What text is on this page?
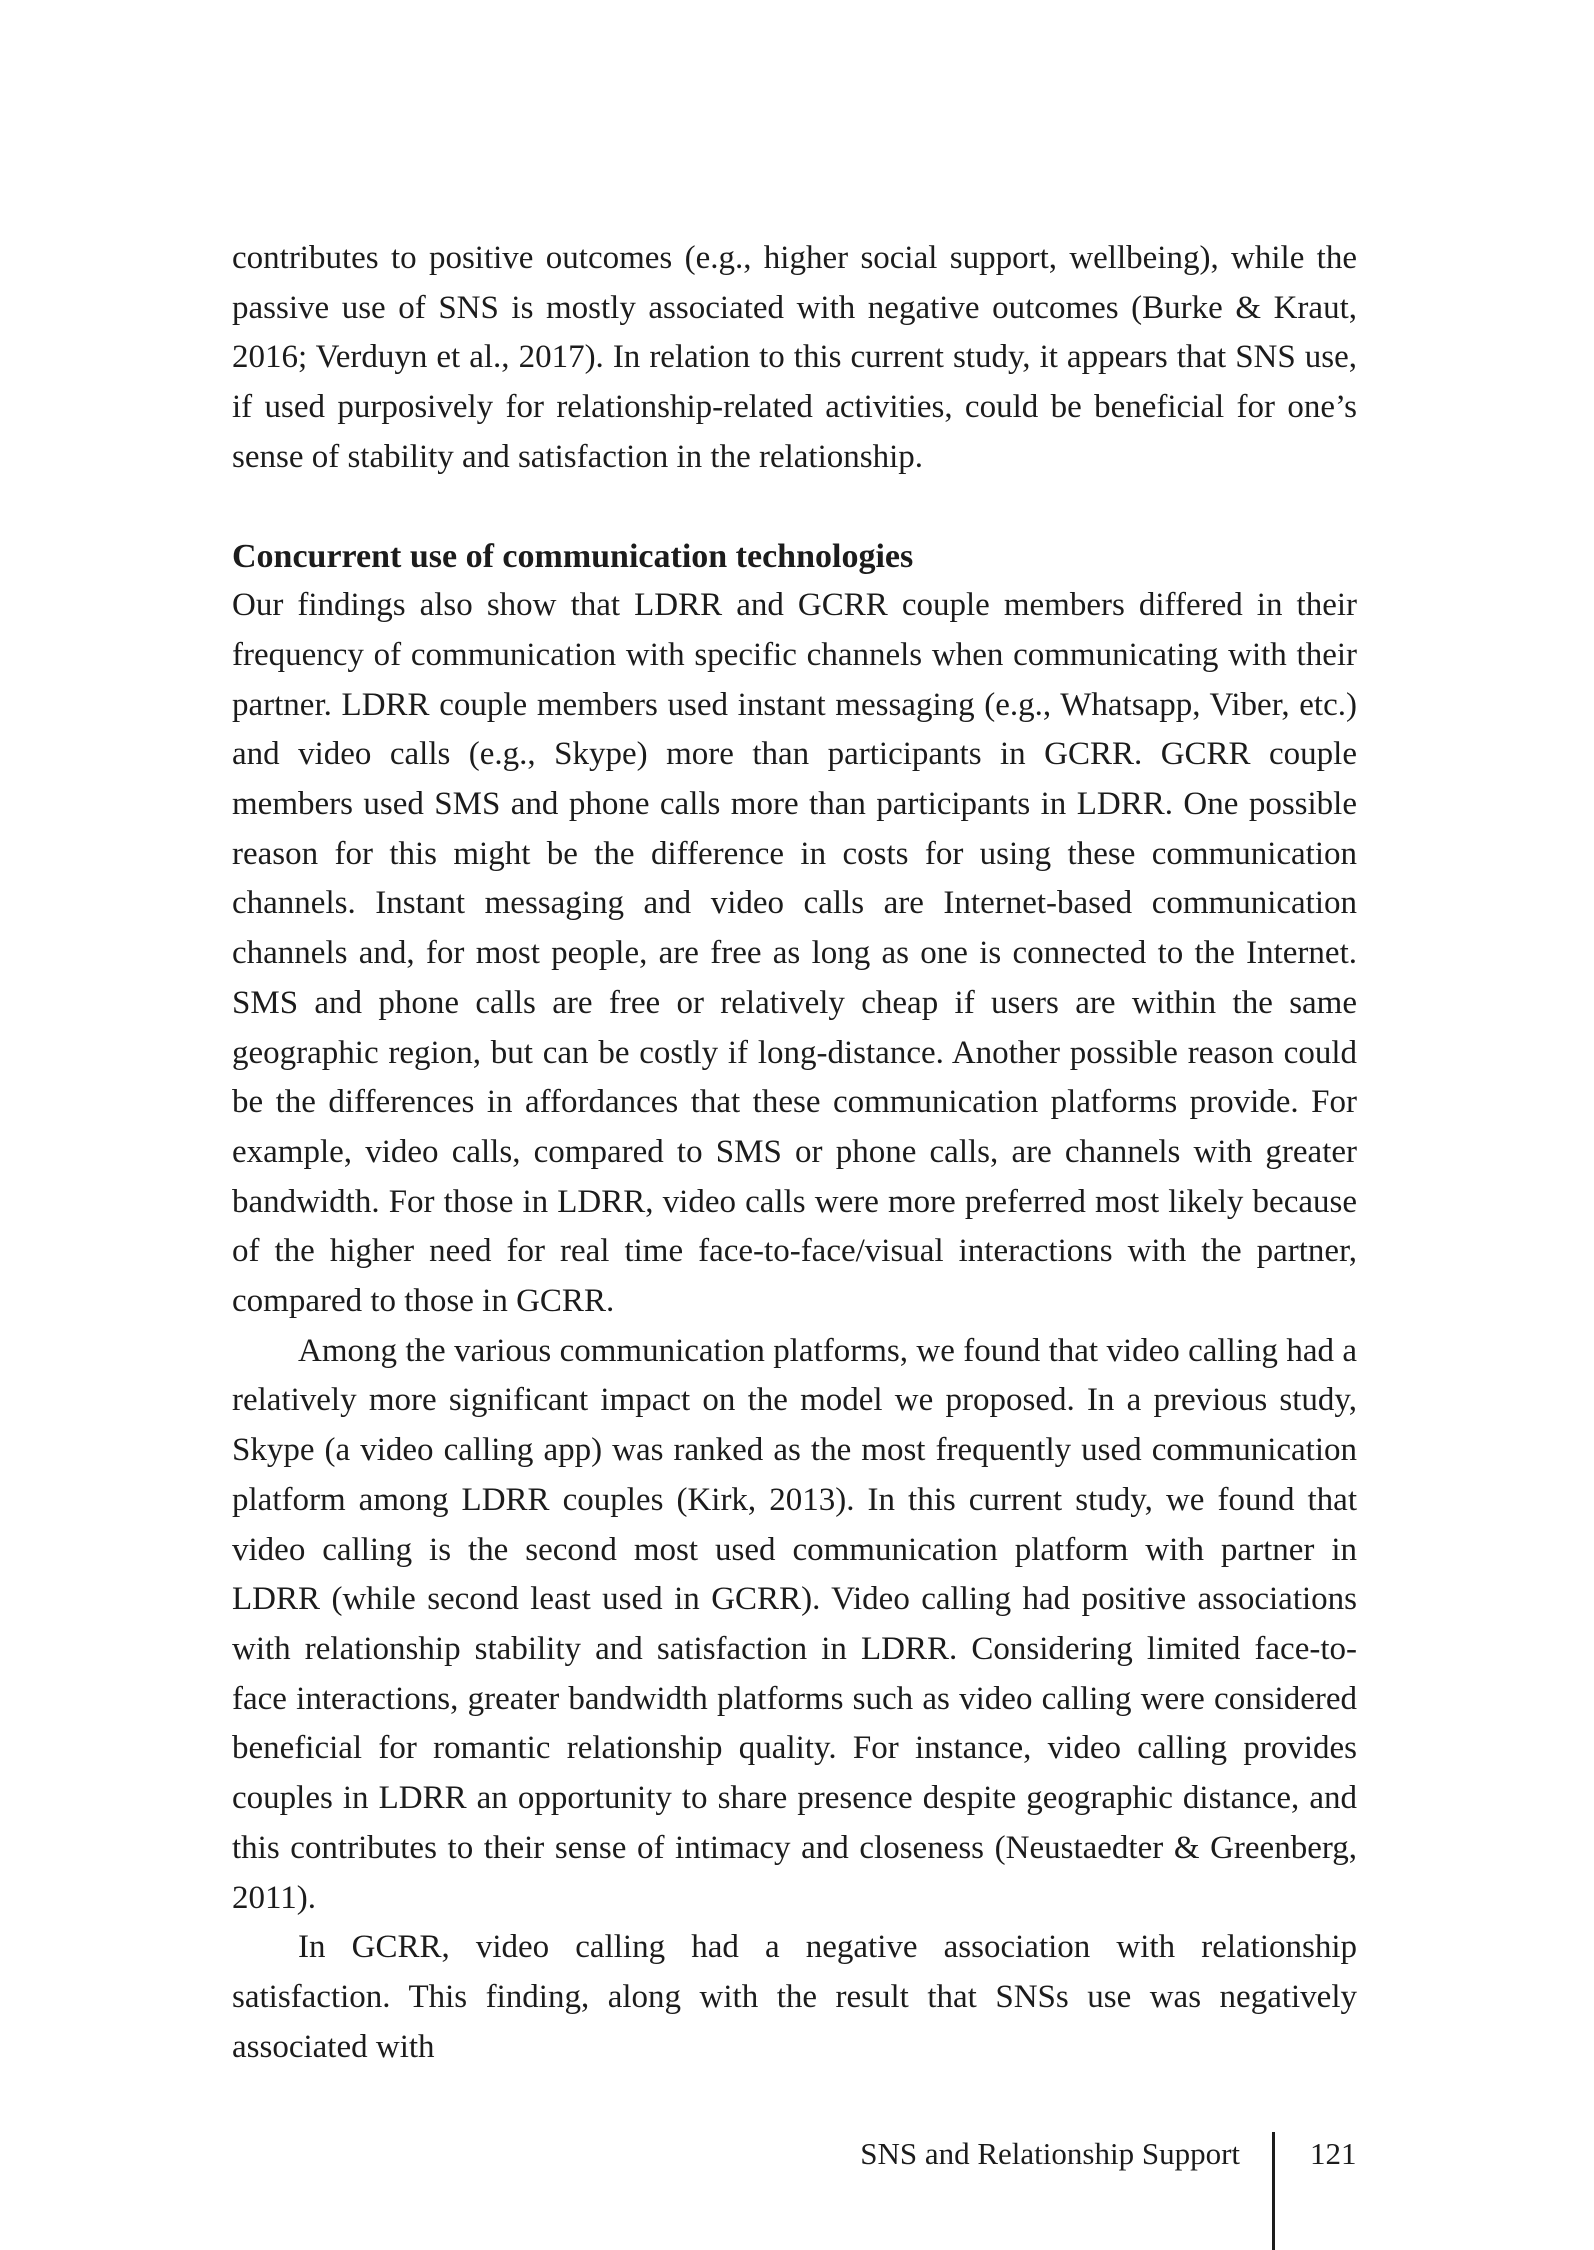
contributes to positive outcomes (e.g., higher social support, wellbeing), while the passive use of SNS is mostly associated with negative outcomes (Burke & Kraut, 2016; Verduyn et al., 2017). In relation to this current study, it appears that SNS use, if used purposively for relationship-related activities, could be beneficial for one’s sense of stability and satisfaction in the relationship.

Concurrent use of communication technologies

Our findings also show that LDRR and GCRR couple members differed in their frequency of communication with specific channels when communicating with their partner. LDRR couple members used instant messaging (e.g., Whatsapp, Viber, etc.) and video calls (e.g., Skype) more than participants in GCRR. GCRR couple members used SMS and phone calls more than participants in LDRR. One possible reason for this might be the difference in costs for using these communication channels. Instant messaging and video calls are Internet-based communication channels and, for most people, are free as long as one is connected to the Internet. SMS and phone calls are free or relatively cheap if users are within the same geographic region, but can be costly if long-distance. Another possible reason could be the differences in affordances that these communication platforms provide. For example, video calls, compared to SMS or phone calls, are channels with greater bandwidth. For those in LDRR, video calls were more preferred most likely because of the higher need for real time face-to-face/visual interactions with the partner, compared to those in GCRR.

Among the various communication platforms, we found that video calling had a relatively more significant impact on the model we proposed. In a previous study, Skype (a video calling app) was ranked as the most frequently used communication platform among LDRR couples (Kirk, 2013). In this current study, we found that video calling is the second most used communication platform with partner in LDRR (while second least used in GCRR). Video calling had positive associations with relationship stability and satisfaction in LDRR. Considering limited face-to-face interactions, greater bandwidth platforms such as video calling were considered beneficial for romantic relationship quality. For instance, video calling provides couples in LDRR an opportunity to share presence despite geographic distance, and this contributes to their sense of intimacy and closeness (Neustaedter & Greenberg, 2011).

In GCRR, video calling had a negative association with relationship satisfaction. This finding, along with the result that SNSs use was negatively associated with

SNS and Relationship Support 121
